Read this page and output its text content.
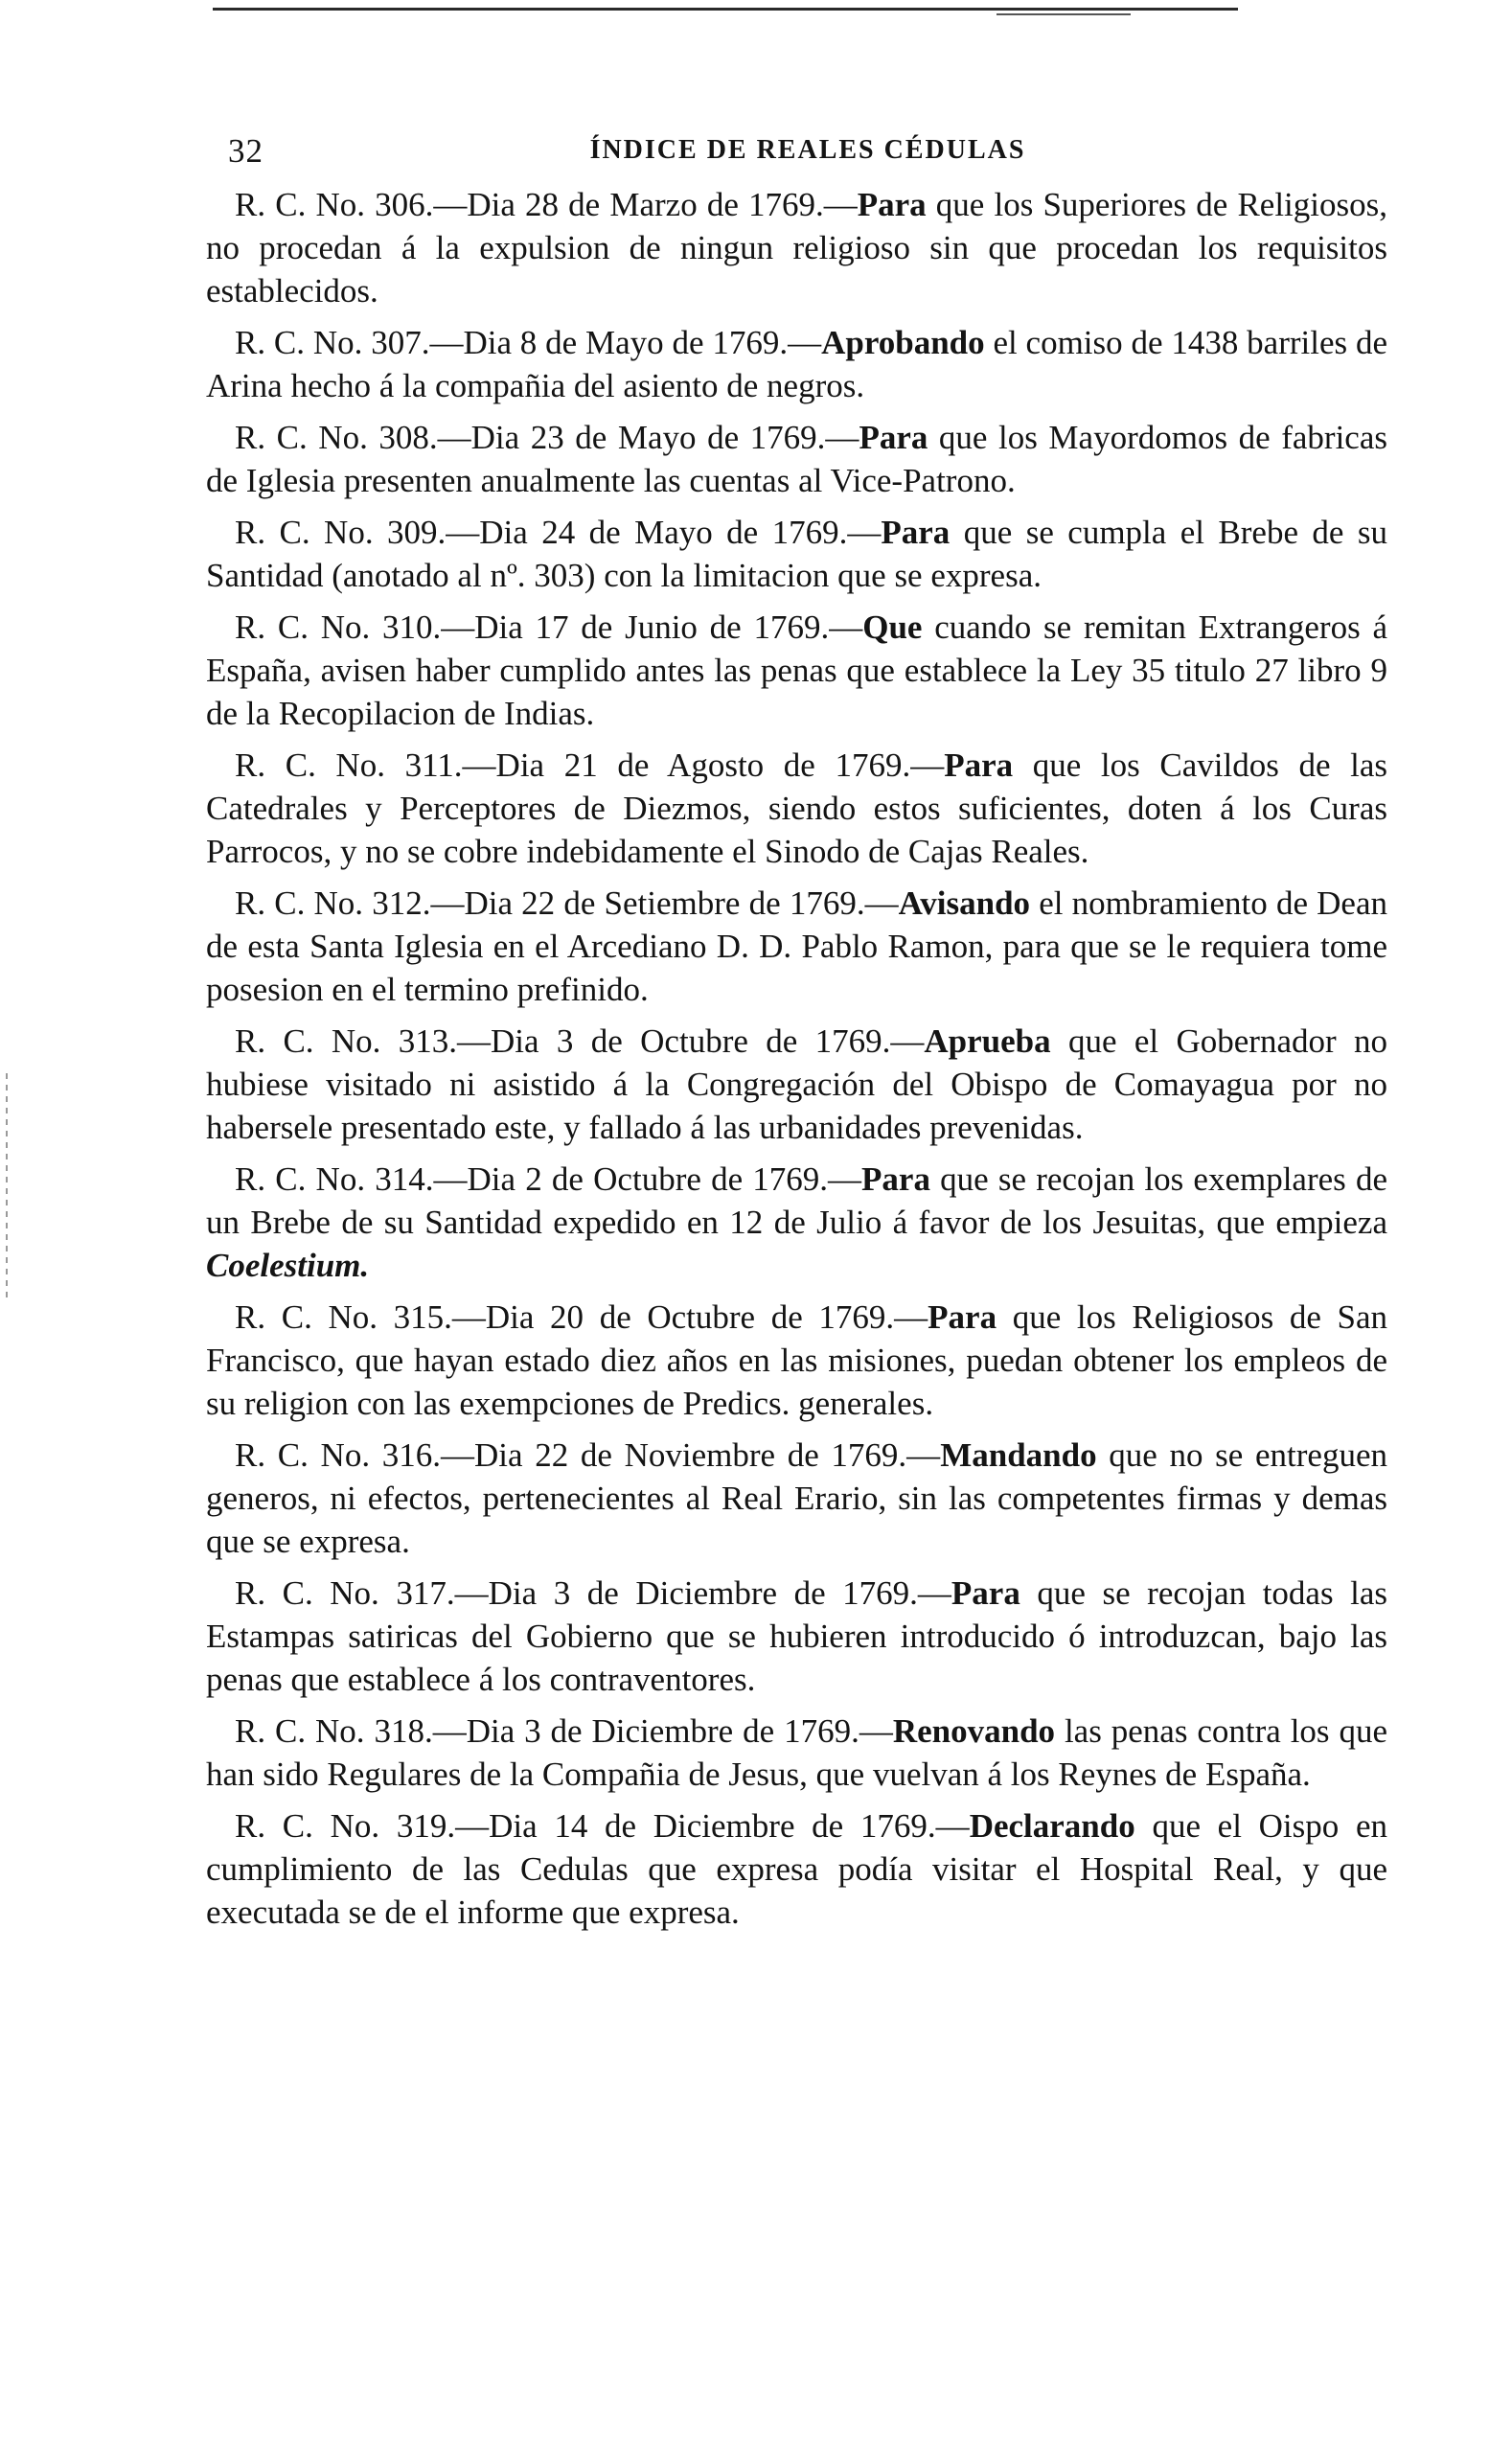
32	ÍNDICE DE REALES CÉDULAS

R. C. No. 306.—Dia 28 de Marzo de 1769.—Para que los Superiores de Religiosos, no procedan á la expulsion de ningun religioso sin que procedan los requisitos establecidos.

R. C. No. 307.—Dia 8 de Mayo de 1769.—Aprobando el comiso de 1438 barriles de Arina hecho á la compañia del asiento de negros.

R. C. No. 308.—Dia 23 de Mayo de 1769.—Para que los Mayordomos de fabricas de Iglesia presenten anualmente las cuentas al Vice-Patrono.

R. C. No. 309.—Dia 24 de Mayo de 1769.—Para que se cumpla el Brebe de su Santidad (anotado al nº. 303) con la limitacion que se expresa.

R. C. No. 310.—Dia 17 de Junio de 1769.—Que cuando se remitan Extrangeros á España, avisen haber cumplido antes las penas que establece la Ley 35 titulo 27 libro 9 de la Recopilacion de Indias.

R. C. No. 311.—Dia 21 de Agosto de 1769.—Para que los Cavildos de las Catedrales y Perceptores de Diezmos, siendo estos suficientes, doten á los Curas Parrocos, y no se cobre indebidamente el Sinodo de Cajas Reales.

R. C. No. 312.—Dia 22 de Setiembre de 1769.—Avisando el nombramiento de Dean de esta Santa Iglesia en el Arcediano D. D. Pablo Ramon, para que se le requiera tome posesion en el termino prefinido.

R. C. No. 313.—Dia 3 de Octubre de 1769.—Aprueba que el Gobernador no hubiese visitado ni asistido á la Congregación del Obispo de Comayagua por no habersele presentado este, y fallado á las urbanidades prevenidas.

R. C. No. 314.—Dia 2 de Octubre de 1769.—Para que se recojan los exemplares de un Brebe de su Santidad expedido en 12 de Julio á favor de los Jesuitas, que empieza Coelestium.

R. C. No. 315.—Dia 20 de Octubre de 1769.—Para que los Religiosos de San Francisco, que hayan estado diez años en las misiones, puedan obtener los empleos de su religion con las exempciones de Predics. generales.

R. C. No. 316.—Dia 22 de Noviembre de 1769.—Mandando que no se entreguen generos, ni efectos, pertenecientes al Real Erario, sin las competentes firmas y demas que se expresa.

R. C. No. 317.—Dia 3 de Diciembre de 1769.—Para que se recojan todas las Estampas satiricas del Gobierno que se hubieren introducido ó introduzcan, bajo las penas que establece á los contraventores.

R. C. No. 318.—Dia 3 de Diciembre de 1769.—Renovando las penas contra los que han sido Regulares de la Compañia de Jesus, que vuelvan á los Reynes de España.

R. C. No. 319.—Dia 14 de Diciembre de 1769.—Declarando que el Oispo en cumplimiento de las Cedulas que expresa podía visitar el Hospital Real, y que executada se de el informe que expresa.
